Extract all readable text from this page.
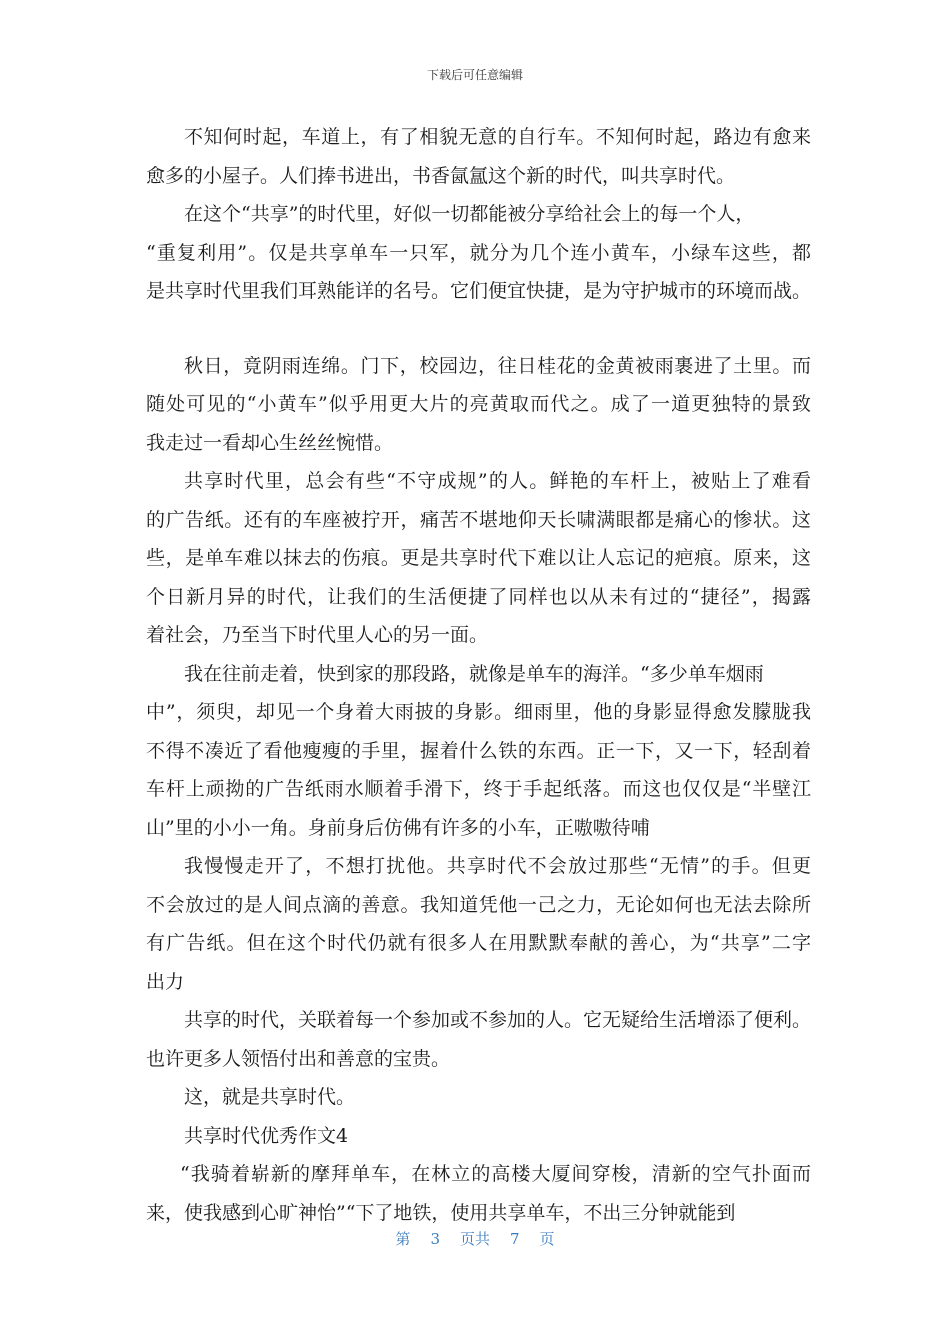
下载后可任意编辑
不知何时起，车道上，有了相貌无意的自行车。不知何时起，路边有愈来
愈多的小屋子。人们捧书进出，书香氤氲这个新的时代，叫共享时代。
在这个“共享”的时代里，好似一切都能被分享给社会上的每一个人，
“重复利用”。仅是共享单车一只军，就分为几个连小黄车，小绿车这些，都
是共享时代里我们耳熟能详的名号。它们便宜快捷，是为守护城市的环境而战。
秋日，竟阴雨连绵。门下，校园边，往日桂花的金黄被雨裹进了土里。而
随处可见的“小黄车”似乎用更大片的亮黄取而代之。成了一道更独特的景致
我走过一看却心生丝丝惋惜。
共享时代里，总会有些“不守成规”的人。鲜艳的车杆上，被贴上了难看
的广告纸。还有的车座被拧开，痛苦不堪地仰天长啸满眼都是痛心的惨状。这
些，是单车难以抹去的伤痕。更是共享时代下难以让人忘记的疤痕。原来，这
个日新月异的时代，让我们的生活便捷了同样也以从未有过的“捷径”，揭露
着社会，乃至当下时代里人心的另一面。
我在往前走着，快到家的那段路，就像是单车的海洋。“多少单车烟雨
中”，须臾，却见一个身着大雨披的身影。细雨里，他的身影显得愈发朦胧我
不得不凑近了看他瘦瘦的手里，握着什么铁的东西。正一下，又一下，轻刮着
车杆上顽拗的广告纸雨水顺着手滑下，终于手起纸落。而这也仅仅是“半壁江
山”里的小小一角。身前身后仿佛有许多的小车，正嗷嗷待哺
我慢慢走开了，不想打扰他。共享时代不会放过那些“无情”的手。但更
不会放过的是人间点滴的善意。我知道凭他一己之力，无论如何也无法去除所
有广告纸。但在这个时代仍就有很多人在用默默奉献的善心，为“共享”二字
出力
共享的时代，关联着每一个参加或不参加的人。它无疑给生活增添了便利。
也许更多人领悟付出和善意的宝贵。
这，就是共享时代。
共享时代优秀作文4
“我骑着崭新的摩拜单车，在林立的高楼大厦间穿梭，清新的空气扑面而
来，使我感到心旷神怡”“下了地铁，使用共享单车，不出三分钟就能到
第 3 页共 7 页
